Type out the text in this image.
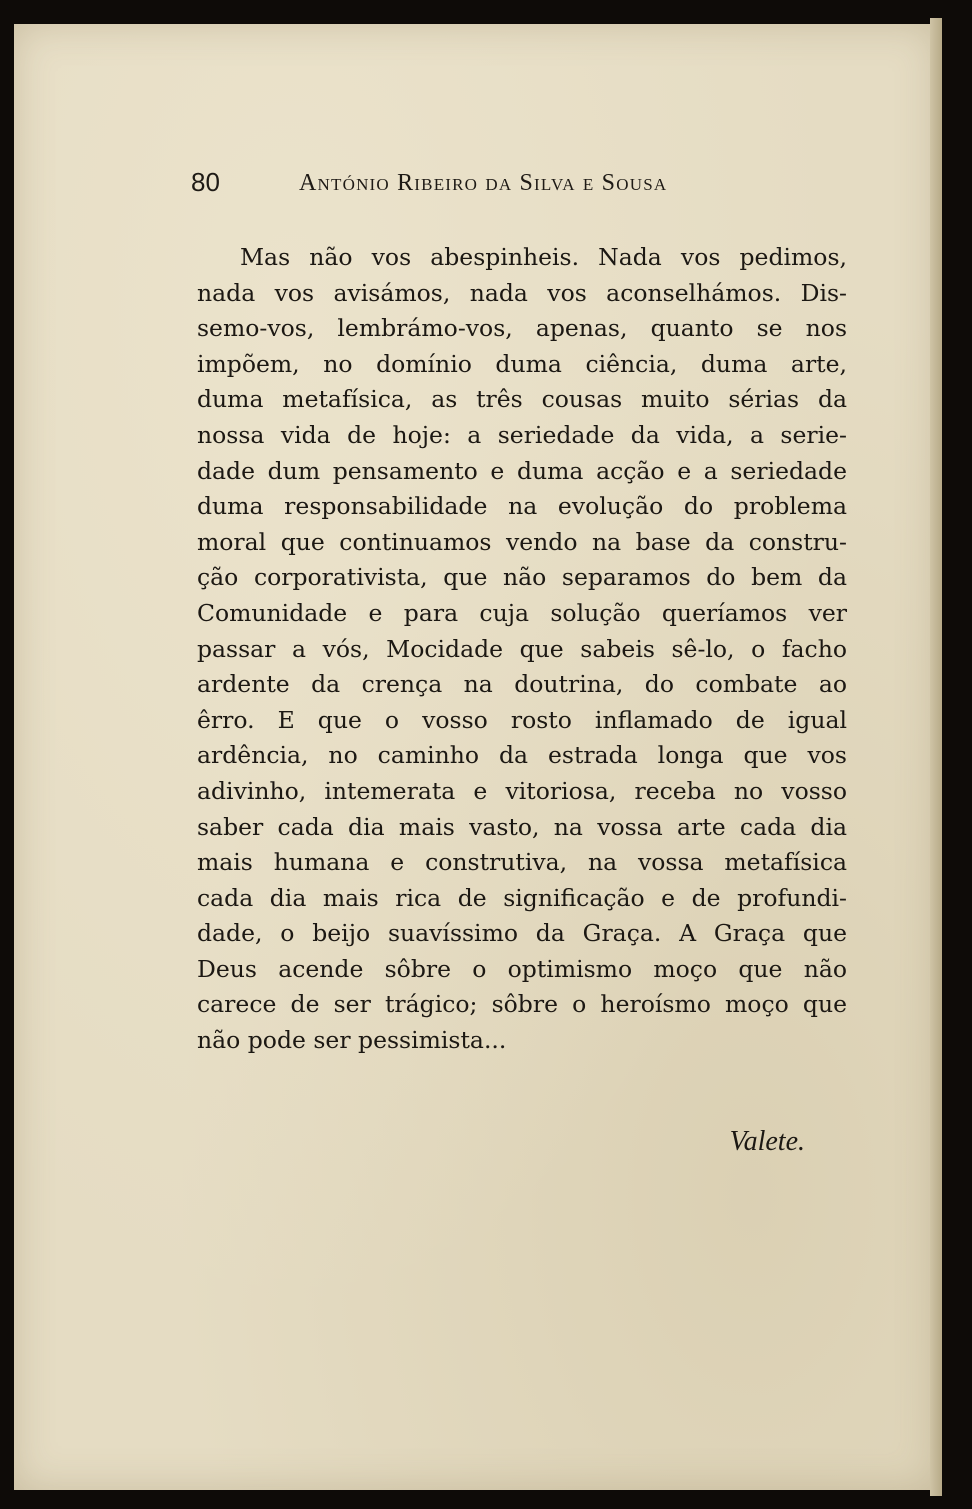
80	António Ribeiro da Silva e Sousa
Mas não vos abespinheis. Nada vos pedimos,
nada vos avisámos, nada vos aconselhámos. Dis-
semo-vos, lembrámo-vos, apenas, quanto se nos
impõem, no domínio duma ciência, duma arte,
duma metafísica, as três cousas muito sérias da
nossa vida de hoje: a seriedade da vida, a serie-
dade dum pensamento e duma acção e a seriedade
duma responsabilidade na evolução do problema
moral que continuamos vendo na base da constru-
ção corporativista, que não separamos do bem da
Comunidade e para cuja solução queríamos ver
passar a vós, Mocidade que sabeis sê-lo, o facho
ardente da crença na doutrina, do combate ao
êrro. E que o vosso rosto inflamado de igual
ardência, no caminho da estrada longa que vos
adivinho, intemerata e vitoriosa, receba no vosso
saber cada dia mais vasto, na vossa arte cada dia
mais humana e construtiva, na vossa metafísica
cada dia mais rica de significação e de profundi-
dade, o beijo suavíssimo da Graça. A Graça que
Deus acende sôbre o optimismo moço que não
carece de ser trágico; sôbre o heroísmo moço que
não pode ser pessimista...
Valete.
